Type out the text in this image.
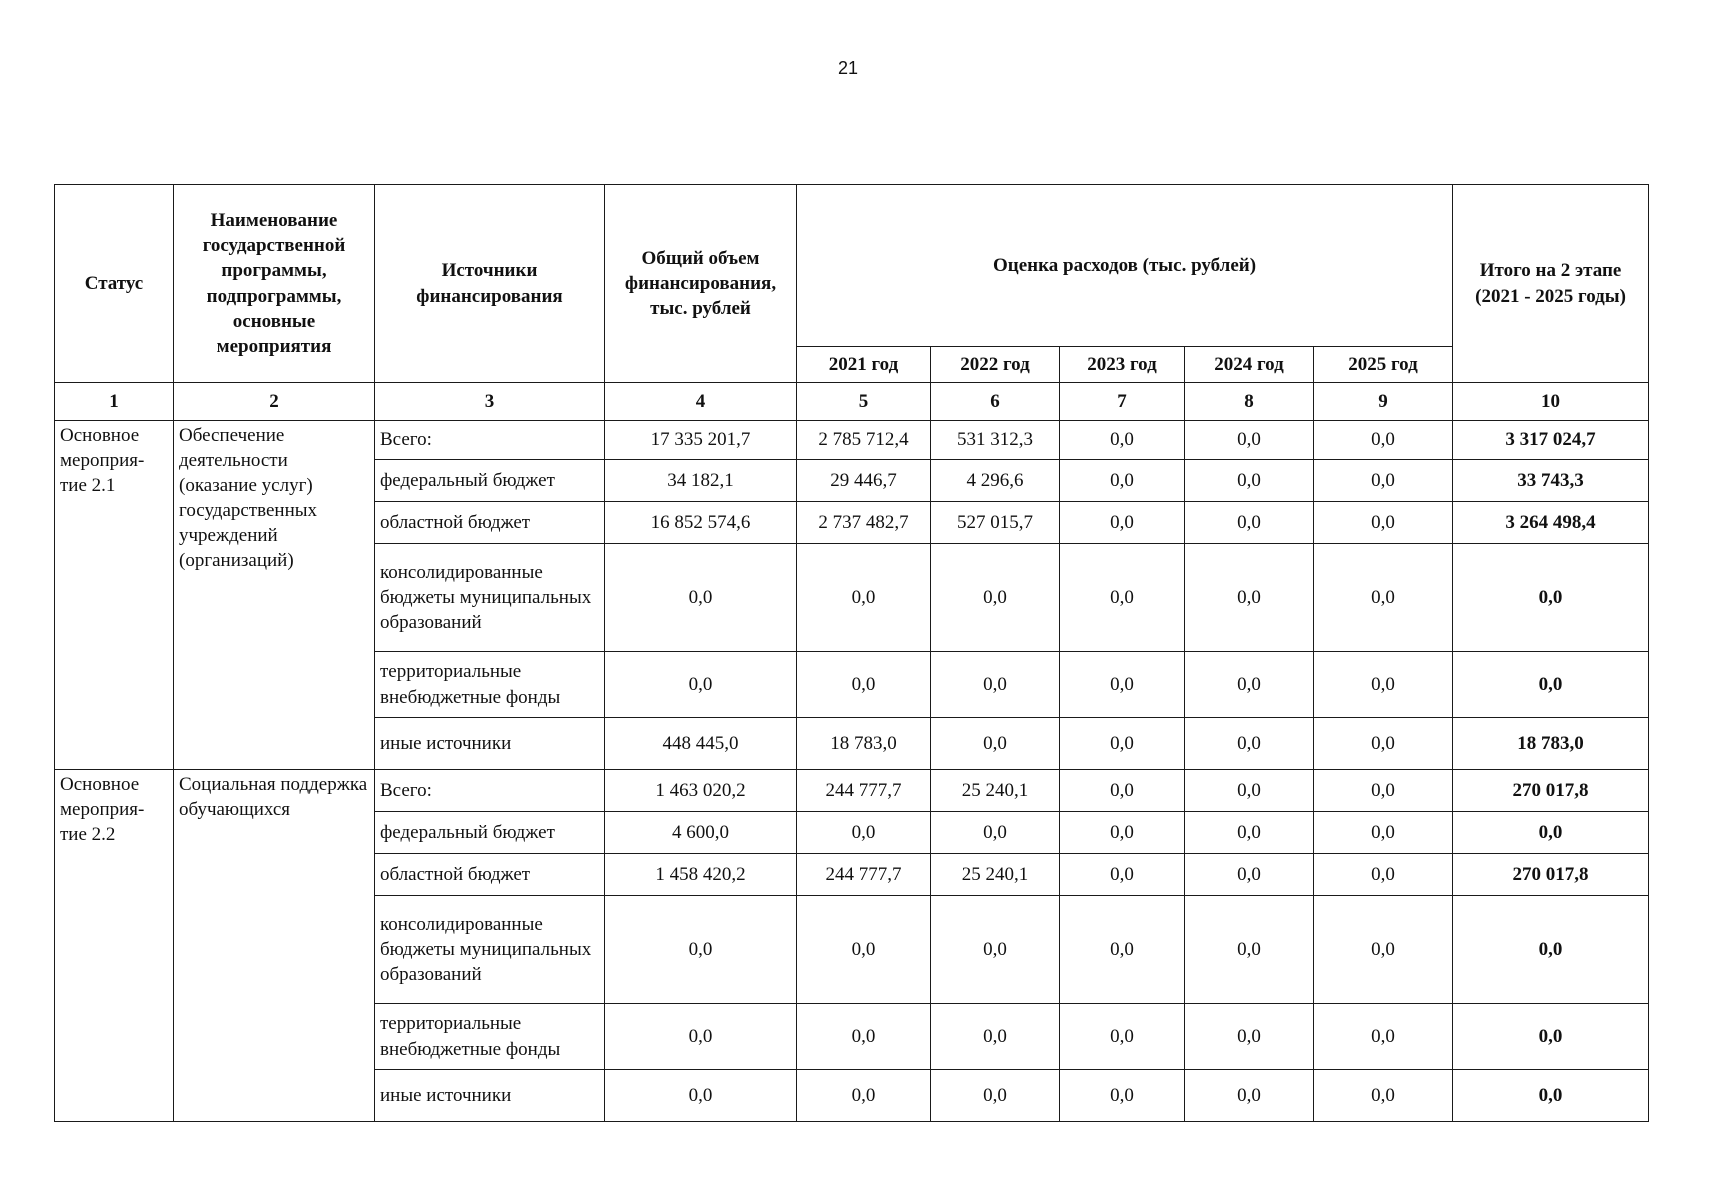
21
Статус	Наименование государственной программы, подпрограммы, основные мероприятия	Источники финансирования	Общий объем финансирования, тыс. рублей	Оценка расходов (тыс. рублей)					Итого на 2 этапе (2021 - 2025 годы)
				2021 год	2022 год	2023 год	2024 год	2025 год	
1	2	3	4	5	6	7	8	9	10
Основное мероприя-тие 2.1	Обеспечение деятельности (оказание услуг) государственных учреждений (организаций)	Всего:	17 335 201,7	2 785 712,4	531 312,3	0,0	0,0	0,0	3 317 024,7
		федеральный бюджет	34 182,1	29 446,7	4 296,6	0,0	0,0	0,0	33 743,3
		областной бюджет	16 852 574,6	2 737 482,7	527 015,7	0,0	0,0	0,0	3 264 498,4
		консолидированные бюджеты муниципальных образований	0,0	0,0	0,0	0,0	0,0	0,0	0,0
		территориальные внебюджетные фонды	0,0	0,0	0,0	0,0	0,0	0,0	0,0
		иные источники	448 445,0	18 783,0	0,0	0,0	0,0	0,0	18 783,0
Основное мероприя-тие 2.2	Социальная поддержка обучающихся	Всего:	1 463 020,2	244 777,7	25 240,1	0,0	0,0	0,0	270 017,8
		федеральный бюджет	4 600,0	0,0	0,0	0,0	0,0	0,0	0,0
		областной бюджет	1 458 420,2	244 777,7	25 240,1	0,0	0,0	0,0	270 017,8
		консолидированные бюджеты муниципальных образований	0,0	0,0	0,0	0,0	0,0	0,0	0,0
		территориальные внебюджетные фонды	0,0	0,0	0,0	0,0	0,0	0,0	0,0
		иные источники	0,0	0,0	0,0	0,0	0,0	0,0	0,0
